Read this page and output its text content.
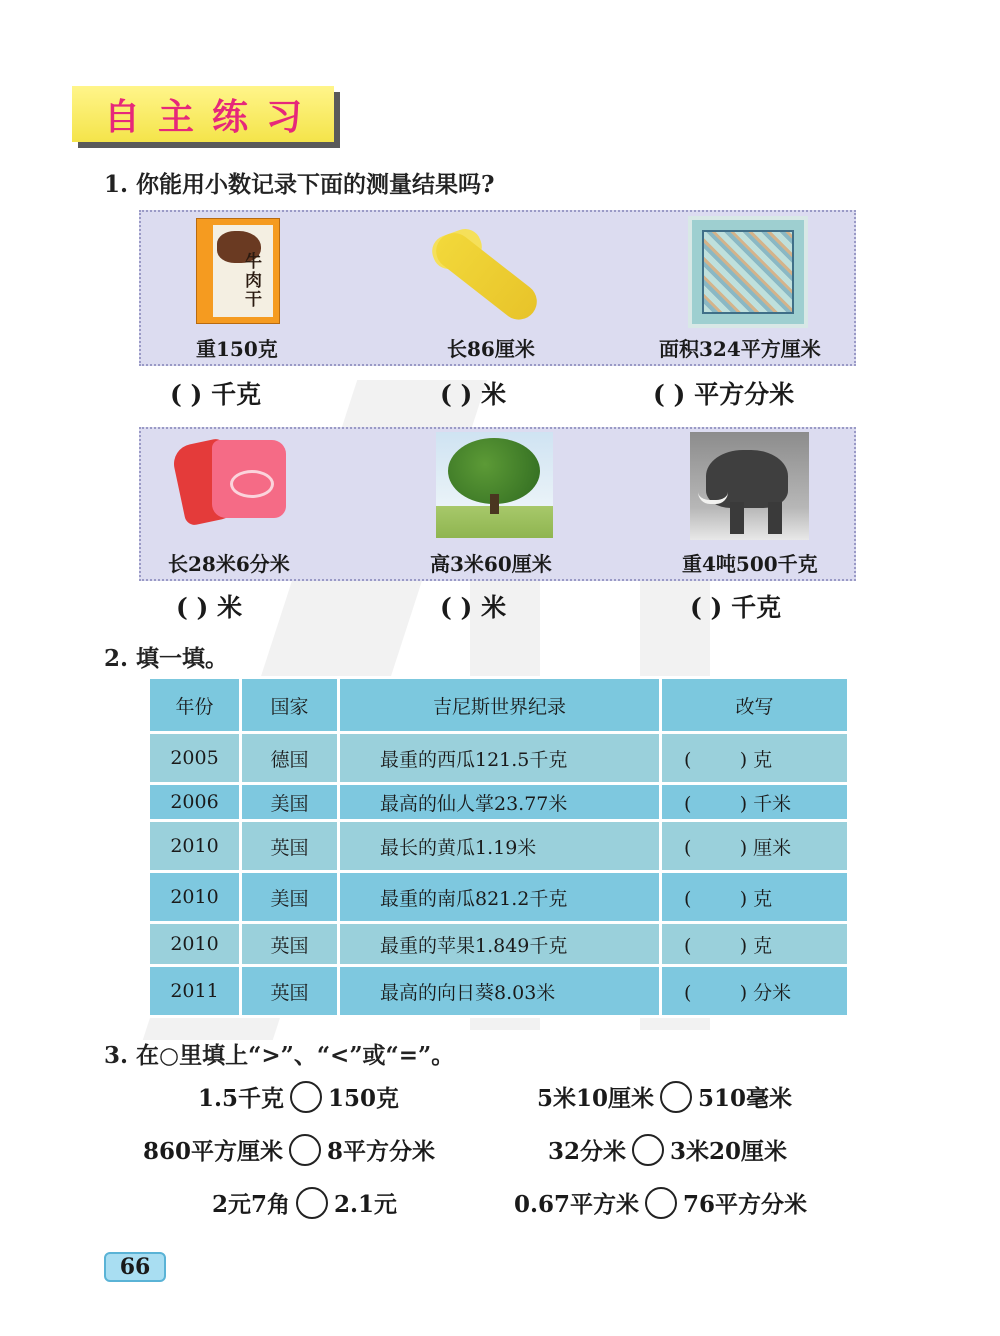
自主练习
1. 你能用小数记录下面的测量结果吗?
牛肉干
重150克	长86厘米	面积324平方厘米
( ) 千克	( ) 米	( ) 平方分米
长28米6分米	高3米60厘米	重4吨500千克
( ) 米	( ) 米	( ) 千克
2. 填一填。
年份	国家	吉尼斯世界纪录	改写
2005	德国	最重的西瓜121.5千克	(        ) 克
2006	美国	最高的仙人掌23.77米	(        ) 千米
2010	英国	最长的黄瓜1.19米	(        ) 厘米
2010	美国	最重的南瓜821.2千克	(        ) 克
2010	英国	最重的苹果1.849千克	(        ) 克
2011	英国	最高的向日葵8.03米	(        ) 分米
3. 在○里填上“>”、“<”或“=”。
1.5千克 150克	5米10厘米 510毫米
860平方厘米 8平方分米	32分米 3米20厘米
2元7角 2.1元	0.67平方米 76平方分米
66
